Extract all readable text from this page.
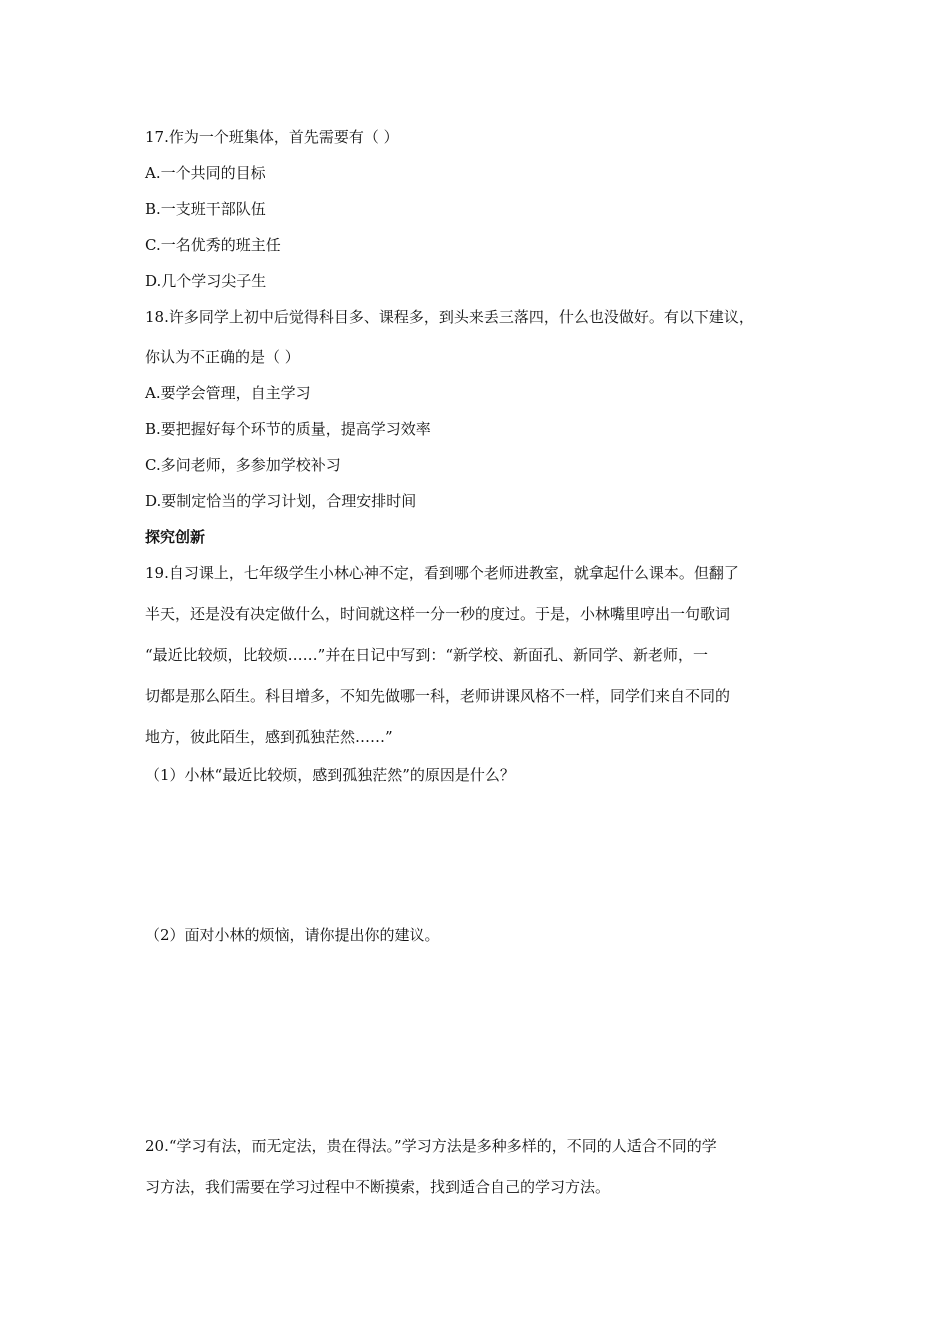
17.作为一个班集体，首先需要有（ ）
A.一个共同的目标
B.一支班干部队伍
C.一名优秀的班主任
D.几个学习尖子生
18.许多同学上初中后觉得科目多、课程多，到头来丢三落四，什么也没做好。有以下建议，
你认为不正确的是（ ）
A.要学会管理，自主学习
B.要把握好每个环节的质量，提高学习效率
C.多问老师，多参加学校补习
D.要制定恰当的学习计划，合理安排时间
探究创新
19.自习课上，七年级学生小林心神不定，看到哪个老师进教室，就拿起什么课本。但翻了
半天，还是没有决定做什么，时间就这样一分一秒的度过。于是，小林嘴里哼出一句歌词
“最近比较烦，比较烦……”并在日记中写到：“新学校、新面孔、新同学、新老师，一
切都是那么陌生。科目增多，不知先做哪一科，老师讲课风格不一样，同学们来自不同的
地方，彼此陌生，感到孤独茫然……”
（1）小林“最近比较烦，感到孤独茫然”的原因是什么？
（2）面对小林的烦恼，请你提出你的建议。
20.“学习有法，而无定法，贵在得法。”学习方法是多种多样的，不同的人适合不同的学
习方法，我们需要在学习过程中不断摸索，找到适合自己的学习方法。
